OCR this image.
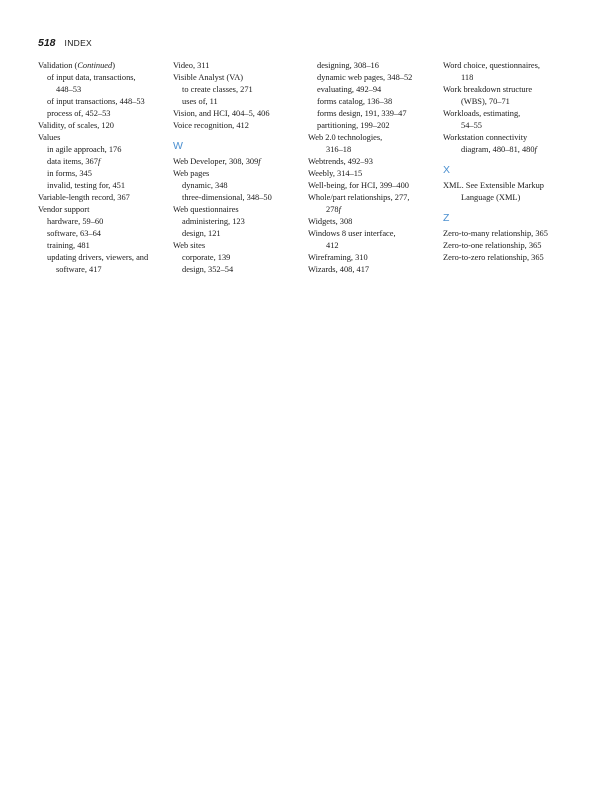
518 INDEX
Validation (Continued)
of input data, transactions,
448–53
of input transactions, 448–53
process of, 452–53
Validity, of scales, 120
Values
in agile approach, 176
data items, 367f
in forms, 345
invalid, testing for, 451
Variable-length record, 367
Vendor support
hardware, 59–60
software, 63–64
training, 481
updating drivers, viewers, and
software, 417
Video, 311
Visible Analyst (VA)
to create classes, 271
uses of, 11
Vision, and HCI, 404–5, 406
Voice recognition, 412
W
Web Developer, 308, 309f
Web pages
dynamic, 348
three-dimensional, 348–50
Web questionnaires
administering, 123
design, 121
Web sites
corporate, 139
design, 352–54
designing, 308–16
dynamic web pages, 348–52
evaluating, 492–94
forms catalog, 136–38
forms design, 191, 339–47
partitioning, 199–202
Web 2.0 technologies,
316–18
Webtrends, 492–93
Weebly, 314–15
Well-being, for HCI, 399–400
Whole/part relationships, 277,
278f
Widgets, 308
Windows 8 user interface,
412
Wireframing, 310
Wizards, 408, 417
Word choice, questionnaires,
118
Work breakdown structure
(WBS), 70–71
Workloads, estimating,
54–55
Workstation connectivity
diagram, 480–81, 480f
X
XML. See Extensible Markup
Language (XML)
Z
Zero-to-many relationship, 365
Zero-to-one relationship, 365
Zero-to-zero relationship, 365
